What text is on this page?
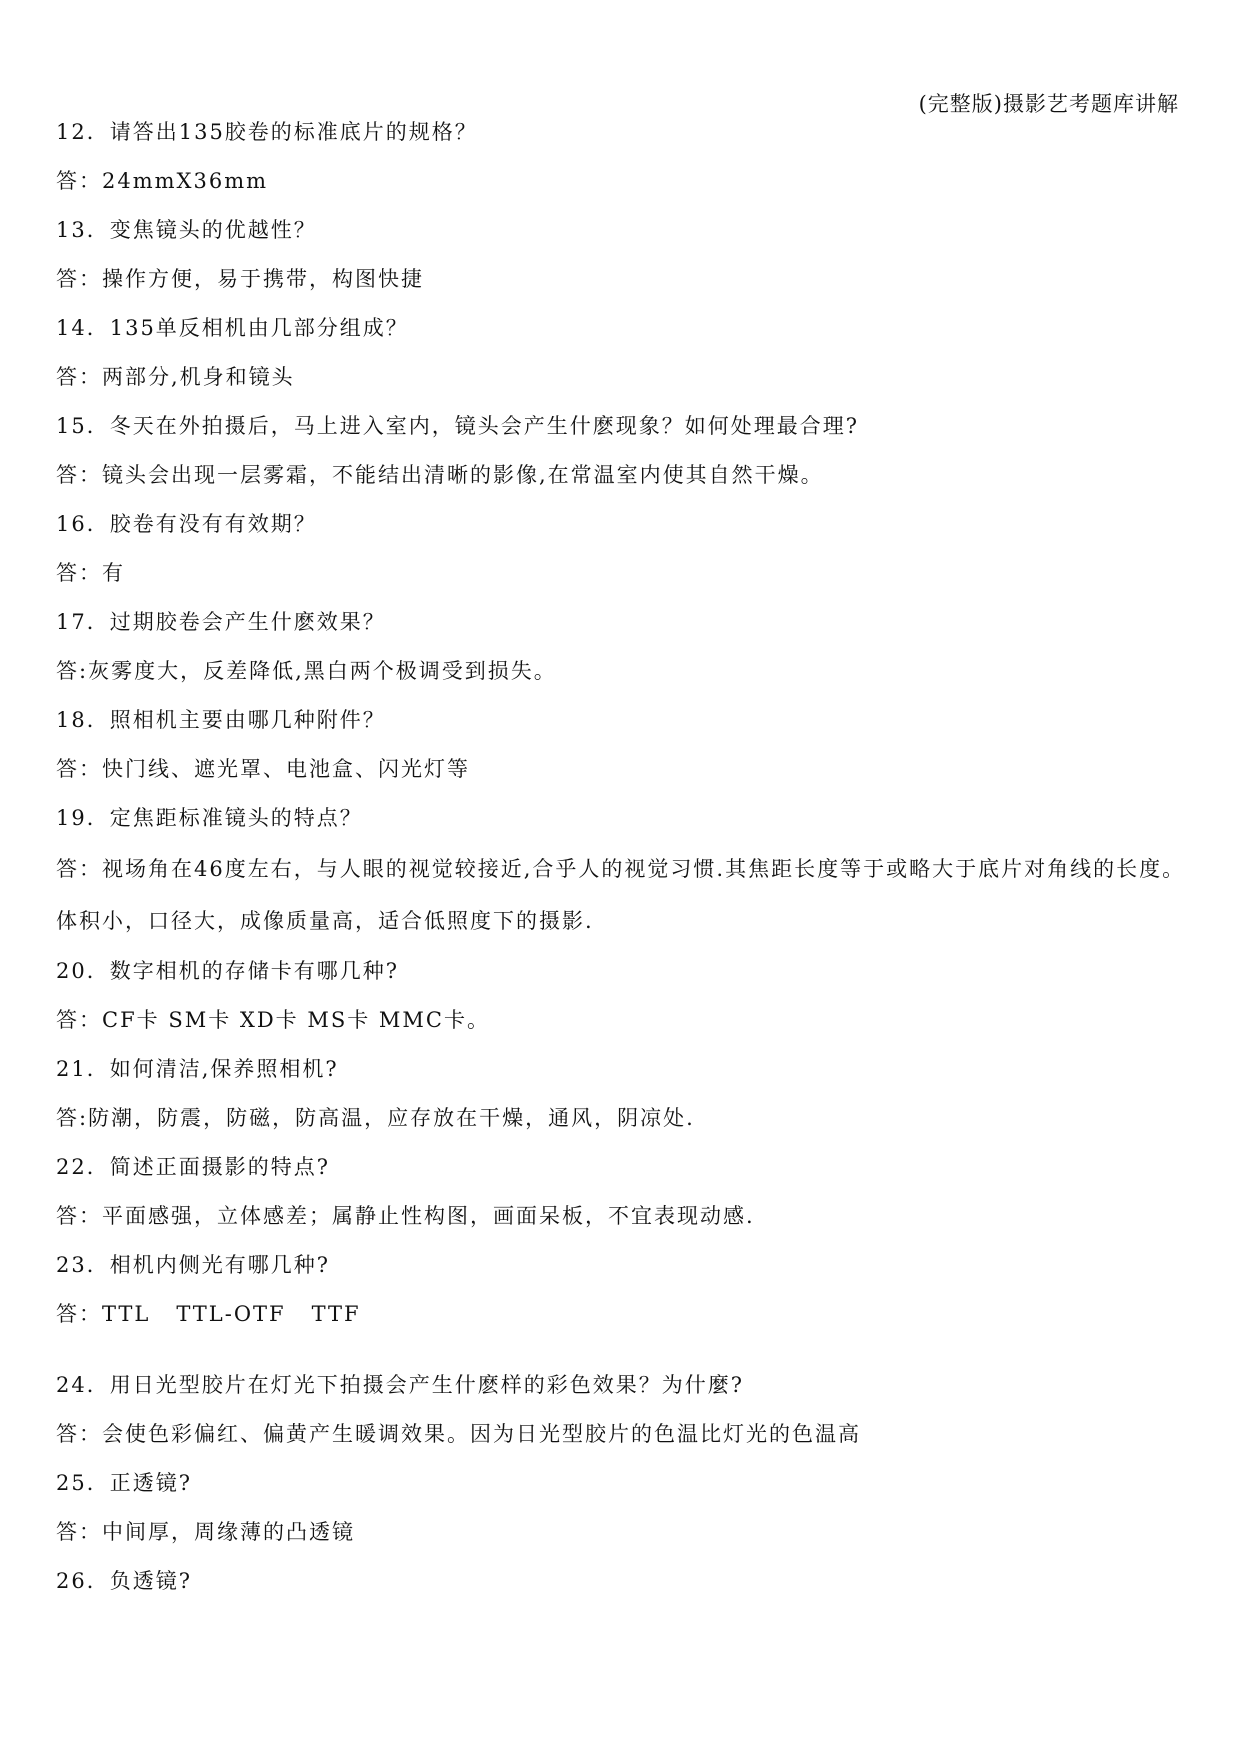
(完整版)摄影艺考题库讲解
12．请答出135胶卷的标准底片的规格？
答：24mmX36mm
13．变焦镜头的优越性？
答：操作方便，易于携带，构图快捷
14．135单反相机由几部分组成？
答：两部分,机身和镜头
15．冬天在外拍摄后，马上进入室内，镜头会产生什麽现象？如何处理最合理?
答：镜头会出现一层雾霜，不能结出清晰的影像,在常温室内使其自然干燥。
16．胶卷有没有有效期？
答：有
17．过期胶卷会产生什麽效果？
答:灰雾度大，反差降低,黑白两个极调受到损失。
18．照相机主要由哪几种附件？
答：快门线、遮光罩、电池盒、闪光灯等
19．定焦距标准镜头的特点？
答：视场角在46度左右，与人眼的视觉较接近,合乎人的视觉习惯.其焦距长度等于或略大于底片对角线的长度。体积小，口径大，成像质量高，适合低照度下的摄影.
20．数字相机的存储卡有哪几种?
答：CF卡 SM卡 XD卡 MS卡 MMC卡。
21．如何清洁,保养照相机?
答:防潮，防震，防磁，防高温，应存放在干燥，通风，阴凉处.
22．简述正面摄影的特点?
答：平面感强，立体感差；属静止性构图，画面呆板，不宜表现动感.
23．相机内侧光有哪几种?
答：TTL   TTL-OTF   TTF
24．用日光型胶片在灯光下拍摄会产生什麽样的彩色效果？为什麼?
答：会使色彩偏红、偏黄产生暖调效果。因为日光型胶片的色温比灯光的色温高
25．正透镜?
答：中间厚，周缘薄的凸透镜
26．负透镜?
